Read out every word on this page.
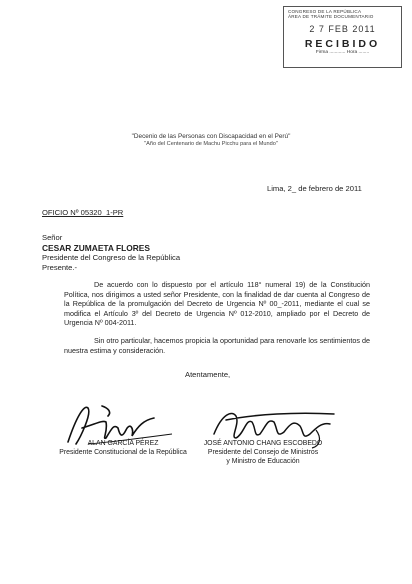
CONGRESO DE LA REPÚBLICA
ÁREA DE TRÁMITE DOCUMENTARIO
2 7 FEB 2011
RECIBIDO
Firma ............ Hora ........
"Decenio de las Personas con Discapacidad en el Perú"
"Año del Centenario de Machu Picchu para el Mundo"
Lima, 2_ de febrero de 2011
OFICIO Nº 05320_1-PR
Señor
CESAR ZUMAETA FLORES
Presidente del Congreso de la República
Presente.-

De acuerdo con lo dispuesto por el artículo 118° numeral 19) de la Constitución Política, nos dirigimos a usted señor Presidente, con la finalidad de dar cuenta al Congreso de la República de la promulgación del Decreto de Urgencia Nº 00_-2011, mediante el cual se modifica el Artículo 3º del Decreto de Urgencia Nº 012-2010, ampliado por el Decreto de Urgencia Nº 004-2011.

Sin otro particular, hacemos propicia la oportunidad para renovarle los sentimientos de nuestra estima y consideración.

Atentamente,
ALAN GARCÍA PÉREZ
Presidente Constitucional de la República
JOSÉ ANTONIO CHANG ESCOBEDO
Presidente del Consejo de Ministros
y Ministro de Educación
